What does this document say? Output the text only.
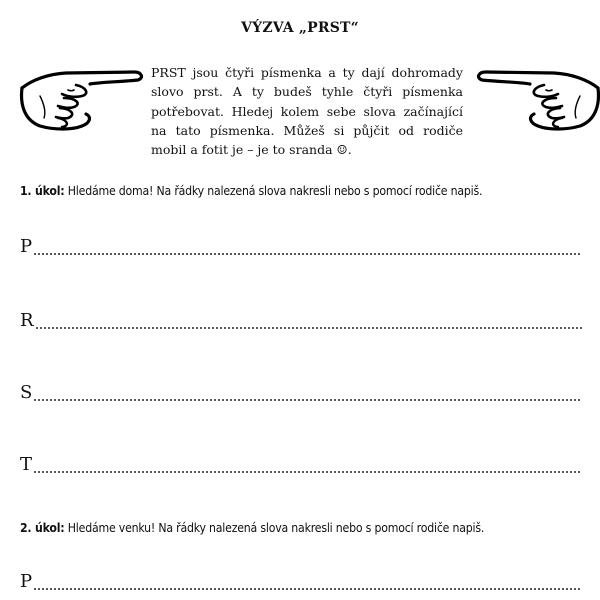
VÝZVA „PRST“
PRST jsou čtyři písmenka a ty dají dohromady slovo prst. A ty budeš tyhle čtyři písmenka potřebovat. Hledej kolem sebe slova začínající na tato písmenka. Můžeš si půjčit od rodiče mobil a fotit je – je to sranda ☺.
1. úkol: Hledáme doma! Na řádky nalezená slova nakresli nebo s pomocí rodiče napiš.
P
R
S
T
2. úkol: Hledáme venku! Na řádky nalezená slova nakresli nebo s pomocí rodiče napiš.
P
